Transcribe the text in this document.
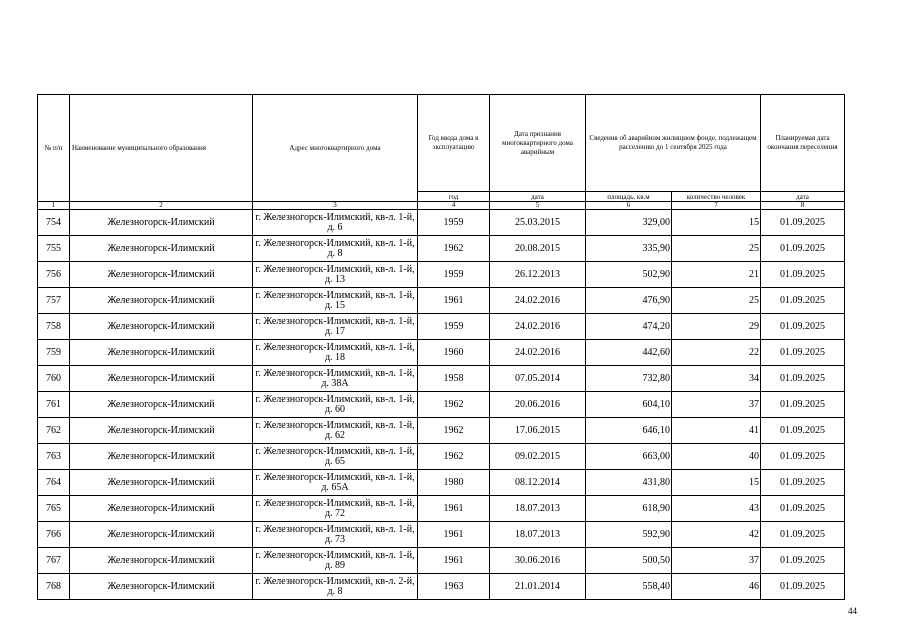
№ п/п	Наименование муниципального образования	Адрес многоквартирного дома	Год ввода дома в эксплуатацию	Дата признания многоквартирного дома аварийным	Сведения об аварийном жилищном фонде, подлежащем расселению до 1 сентября 2025 года		Планируемая дата окончания переселения
			год	дата	площадь, кв.м	количество человек	дата
1	2	3	4	5	6	7	8
754	Железногорск-Илимский	г. Железногорск-Илимский, кв-л. 1-й, д. 6	1959	25.03.2015	329,00	15	01.09.2025
755	Железногорск-Илимский	г. Железногорск-Илимский, кв-л. 1-й, д. 8	1962	20.08.2015	335,90	25	01.09.2025
756	Железногорск-Илимский	г. Железногорск-Илимский, кв-л. 1-й, д. 13	1959	26.12.2013	502,90	21	01.09.2025
757	Железногорск-Илимский	г. Железногорск-Илимский, кв-л. 1-й, д. 15	1961	24.02.2016	476,90	25	01.09.2025
758	Железногорск-Илимский	г. Железногорск-Илимский, кв-л. 1-й, д. 17	1959	24.02.2016	474,20	29	01.09.2025
759	Железногорск-Илимский	г. Железногорск-Илимский, кв-л. 1-й, д. 18	1960	24.02.2016	442,60	22	01.09.2025
760	Железногорск-Илимский	г. Железногорск-Илимский, кв-л. 1-й, д. 38А	1958	07.05.2014	732,80	34	01.09.2025
761	Железногорск-Илимский	г. Железногорск-Илимский, кв-л. 1-й, д. 60	1962	20.06.2016	604,10	37	01.09.2025
762	Железногорск-Илимский	г. Железногорск-Илимский, кв-л. 1-й, д. 62	1962	17.06.2015	646,10	41	01.09.2025
763	Железногорск-Илимский	г. Железногорск-Илимский, кв-л. 1-й, д. 65	1962	09.02.2015	663,00	40	01.09.2025
764	Железногорск-Илимский	г. Железногорск-Илимский, кв-л. 1-й, д. 65А	1980	08.12.2014	431,80	15	01.09.2025
765	Железногорск-Илимский	г. Железногорск-Илимский, кв-л. 1-й, д. 72	1961	18.07.2013	618,90	43	01.09.2025
766	Железногорск-Илимский	г. Железногорск-Илимский, кв-л. 1-й, д. 73	1961	18.07.2013	592,90	42	01.09.2025
767	Железногорск-Илимский	г. Железногорск-Илимский, кв-л. 1-й, д. 89	1961	30.06.2016	500,50	37	01.09.2025
768	Железногорск-Илимский	г. Железногорск-Илимский, кв-л. 2-й, д. 8	1963	21.01.2014	558,40	46	01.09.2025
44
